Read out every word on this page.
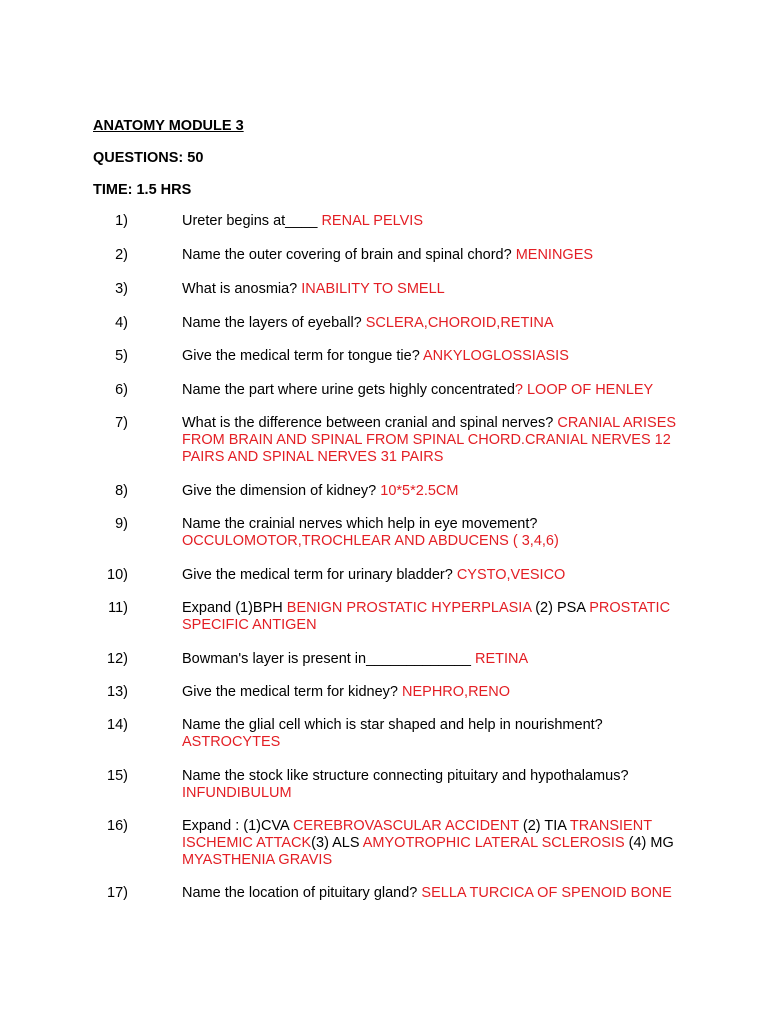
ANATOMY MODULE 3
QUESTIONS: 50
TIME: 1.5 HRS
1)	Ureter begins at____ RENAL PELVIS
2)	Name the outer covering of brain and spinal chord? MENINGES
3)	What is anosmia? INABILITY TO SMELL
4)	Name the layers of eyeball? SCLERA,CHOROID,RETINA
5)	Give the medical term for tongue tie? ANKYLOGLOSSIASIS
6)	Name the part where urine gets highly concentrated? LOOP OF HENLEY
7)	What is the difference between cranial and spinal nerves? CRANIAL ARISES FROM BRAIN AND SPINAL FROM SPINAL CHORD.CRANIAL NERVES 12 PAIRS AND SPINAL NERVES 31 PAIRS
8)	Give the dimension of kidney? 10*5*2.5CM
9)	Name the crainial nerves which help in eye movement? OCCULOMOTOR,TROCHLEAR AND ABDUCENS ( 3,4,6)
10)	Give the medical term for urinary bladder? CYSTO,VESICO
11)	Expand (1)BPH BENIGN PROSTATIC HYPERPLASIA (2) PSA PROSTATIC SPECIFIC ANTIGEN
12)	Bowman's layer is present in_____________ RETINA
13)	Give the medical term for kidney? NEPHRO,RENO
14)	Name the glial cell which is star shaped and help in nourishment? ASTROCYTES
15)	Name the stock like structure connecting pituitary and hypothalamus? INFUNDIBULUM
16)	Expand : (1)CVA CEREBROVASCULAR ACCIDENT (2) TIA TRANSIENT ISCHEMIC ATTACK(3) ALS AMYOTROPHIC LATERAL SCLEROSIS (4) MG MYASTHENIA GRAVIS
17)	Name the location of pituitary gland? SELLA TURCICA OF SPENOID BONE
